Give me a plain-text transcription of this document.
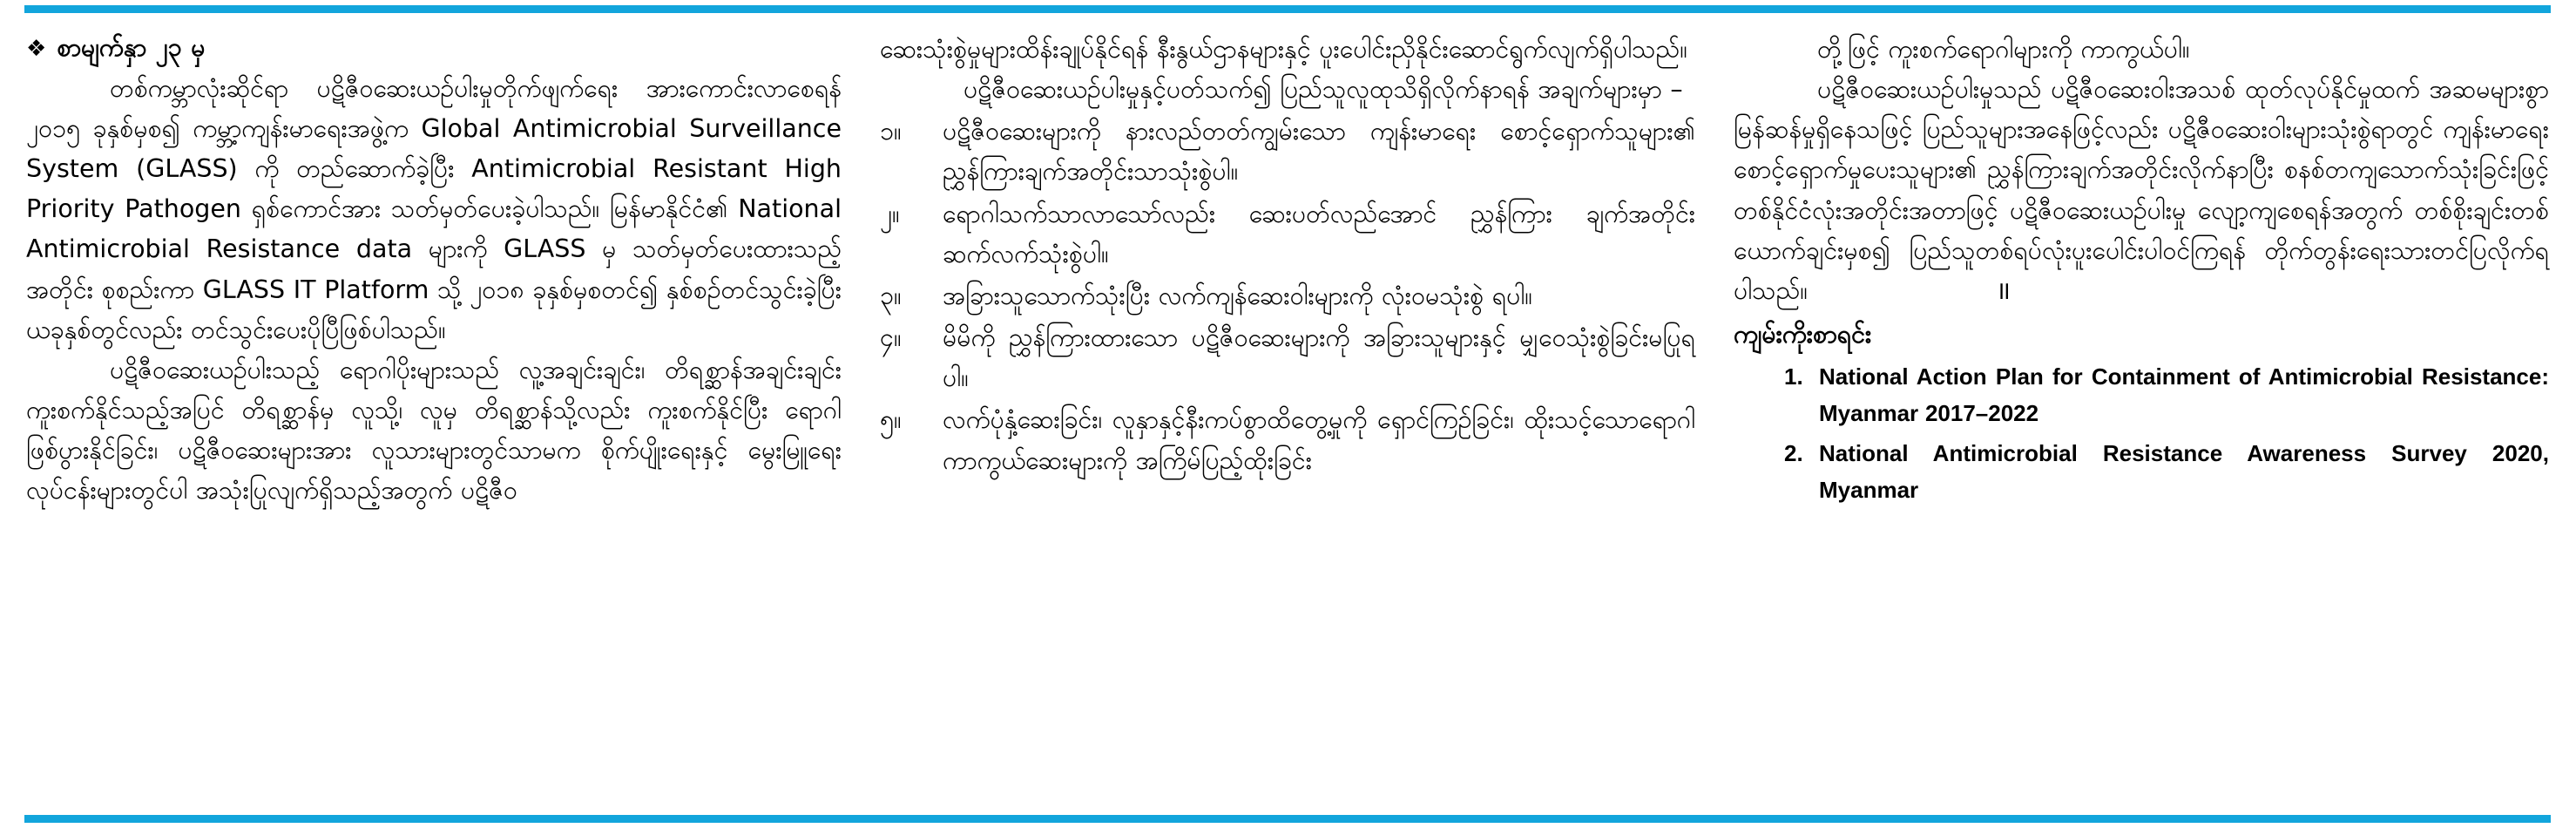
❖ စာမျက်နှာ ၂၃ မှ

တစ်ကမ္ဘာလုံးဆိုင်ရာ ပဋိဇီဝဆေးယဉ်ပါးမှုတိုက်ဖျက်ရေး အားကောင်းလာစေရန် ၂၀၁၅ ခုနှစ်မှစ၍ ကမ္ဘာ့ကျန်းမာရေးအဖွဲ့က Global Antimicrobial Surveillance System (GLASS) ကို တည်ဆောက်ခဲ့ပြီး Antimicrobial Resistant High Priority Pathogen ရှစ်ကောင်အား သတ်မှတ်ပေးခဲ့ပါသည်။ မြန်မာနိုင်ငံ၏ National Antimicrobial Resistance data များကို GLASS မှ သတ်မှတ်ပေးထားသည့်အတိုင်း စုစည်းကာ GLASS IT Platform သို့ ၂၀၁၈ ခုနှစ်မှစတင်၍ နှစ်စဉ်တင်သွင်းခဲ့ပြီး ယခုနှစ်တွင်လည်း တင်သွင်းပေးပိုပြီဖြစ်ပါသည်။

ပဋိဇီဝဆေးယဉ်ပါးသည့် ရောဂါပိုးများသည် လူ့အချင်းချင်း၊ တိရစ္ဆာန်အချင်းချင်း ကူးစက်နိုင်သည့်အပြင် တိရစ္ဆာန်မှ လူသို့၊ လူမှ တိရစ္ဆာန်သို့လည်း ကူးစက်နိုင်ပြီး ရောဂါဖြစ်ပွားနိုင်ခြင်း၊ ပဋိဇီဝဆေးများအား လူသားများတွင်သာမက စိုက်ပျိုးရေးနှင့် မွေးမြူရေးလုပ်ငန်းများတွင်ပါ အသုံးပြုလျက်ရှိသည့်အတွက် ပဋိဇီဝ

ဆေးသုံးစွဲမှုများထိန်းချုပ်နိုင်ရန် နီးနွယ်ဌာနများနှင့် ပူးပေါင်းညှိနိုင်းဆောင်ရွက်လျက်ရှိပါသည်။

ပဋိဇီဝဆေးယဉ်ပါးမှုနှင့်ပတ်သက်၍ ပြည်သူလူထုသိရှိလိုက်နာရန် အချက်များမှာ –

၁။	ပဋိဇီဝဆေးများကို နားလည်တတ်ကျွမ်းသော ကျန်းမာရေး စောင့်ရှောက်သူများ၏ ညွှန်ကြားချက်အတိုင်းသာသုံးစွဲပါ။
၂။	ရောဂါသက်သာလာသော်လည်း ဆေးပတ်လည်အောင် ညွှန်ကြား ချက်အတိုင်းဆက်လက်သုံးစွဲပါ။
၃။	အခြားသူသောက်သုံးပြီး လက်ကျန်ဆေးဝါးများကို လုံးဝမသုံးစွဲ ရပါ။
၄။	မိမိကို ညွှန်ကြားထားသော ပဋိဇီဝဆေးများကို အခြားသူများနှင့် မျှဝေသုံးစွဲခြင်းမပြုရပါ။
၅။	လက်ပုံနှံ့ဆေးခြင်း၊ လူနှာနှင့်နီးကပ်စွာထိတွေ့မှုကို ရှောင်ကြဉ်ခြင်း၊ ထိုးသင့်သောရောဂါကာကွယ်ဆေးများကို အကြိမ်ပြည့်ထိုးခြင်း

တို့ဖြင့် ကူးစက်ရောဂါများကို ကာကွယ်ပါ။

ပဋိဇီဝဆေးယဉ်ပါးမှုသည် ပဋိဇီဝဆေးဝါးအသစ် ထုတ်လုပ်နိုင်မှုထက် အဆမများစွာ မြန်ဆန်မှုရှိနေသဖြင့် ပြည်သူများအနေဖြင့်လည်း ပဋိဇီဝဆေးဝါးများသုံးစွဲရာတွင် ကျန်းမာရေးစောင့်ရှောက်မှုပေးသူများ၏ ညွှန်ကြားချက်အတိုင်းလိုက်နာပြီး စနစ်တကျသောက်သုံးခြင်းဖြင့် တစ်နိုင်ငံလုံးအတိုင်းအတာဖြင့် ပဋိဇီဝဆေးယဉ်ပါးမှု လျော့ကျစေရန်အတွက် တစ်စိုးချင်းတစ်ယောက်ချင်းမှစ၍ ပြည်သူတစ်ရပ်လုံးပူးပေါင်းပါဝင်ကြရန် တိုက်တွန်းရေးသားတင်ပြလိုက်ရပါသည်။	॥

ကျမ်းကိုးစာရင်း
1. National Action Plan for Containment of Antimicrobial Resistance: Myanmar 2017–2022
2. National Antimicrobial Resistance Awareness Survey 2020, Myanmar
